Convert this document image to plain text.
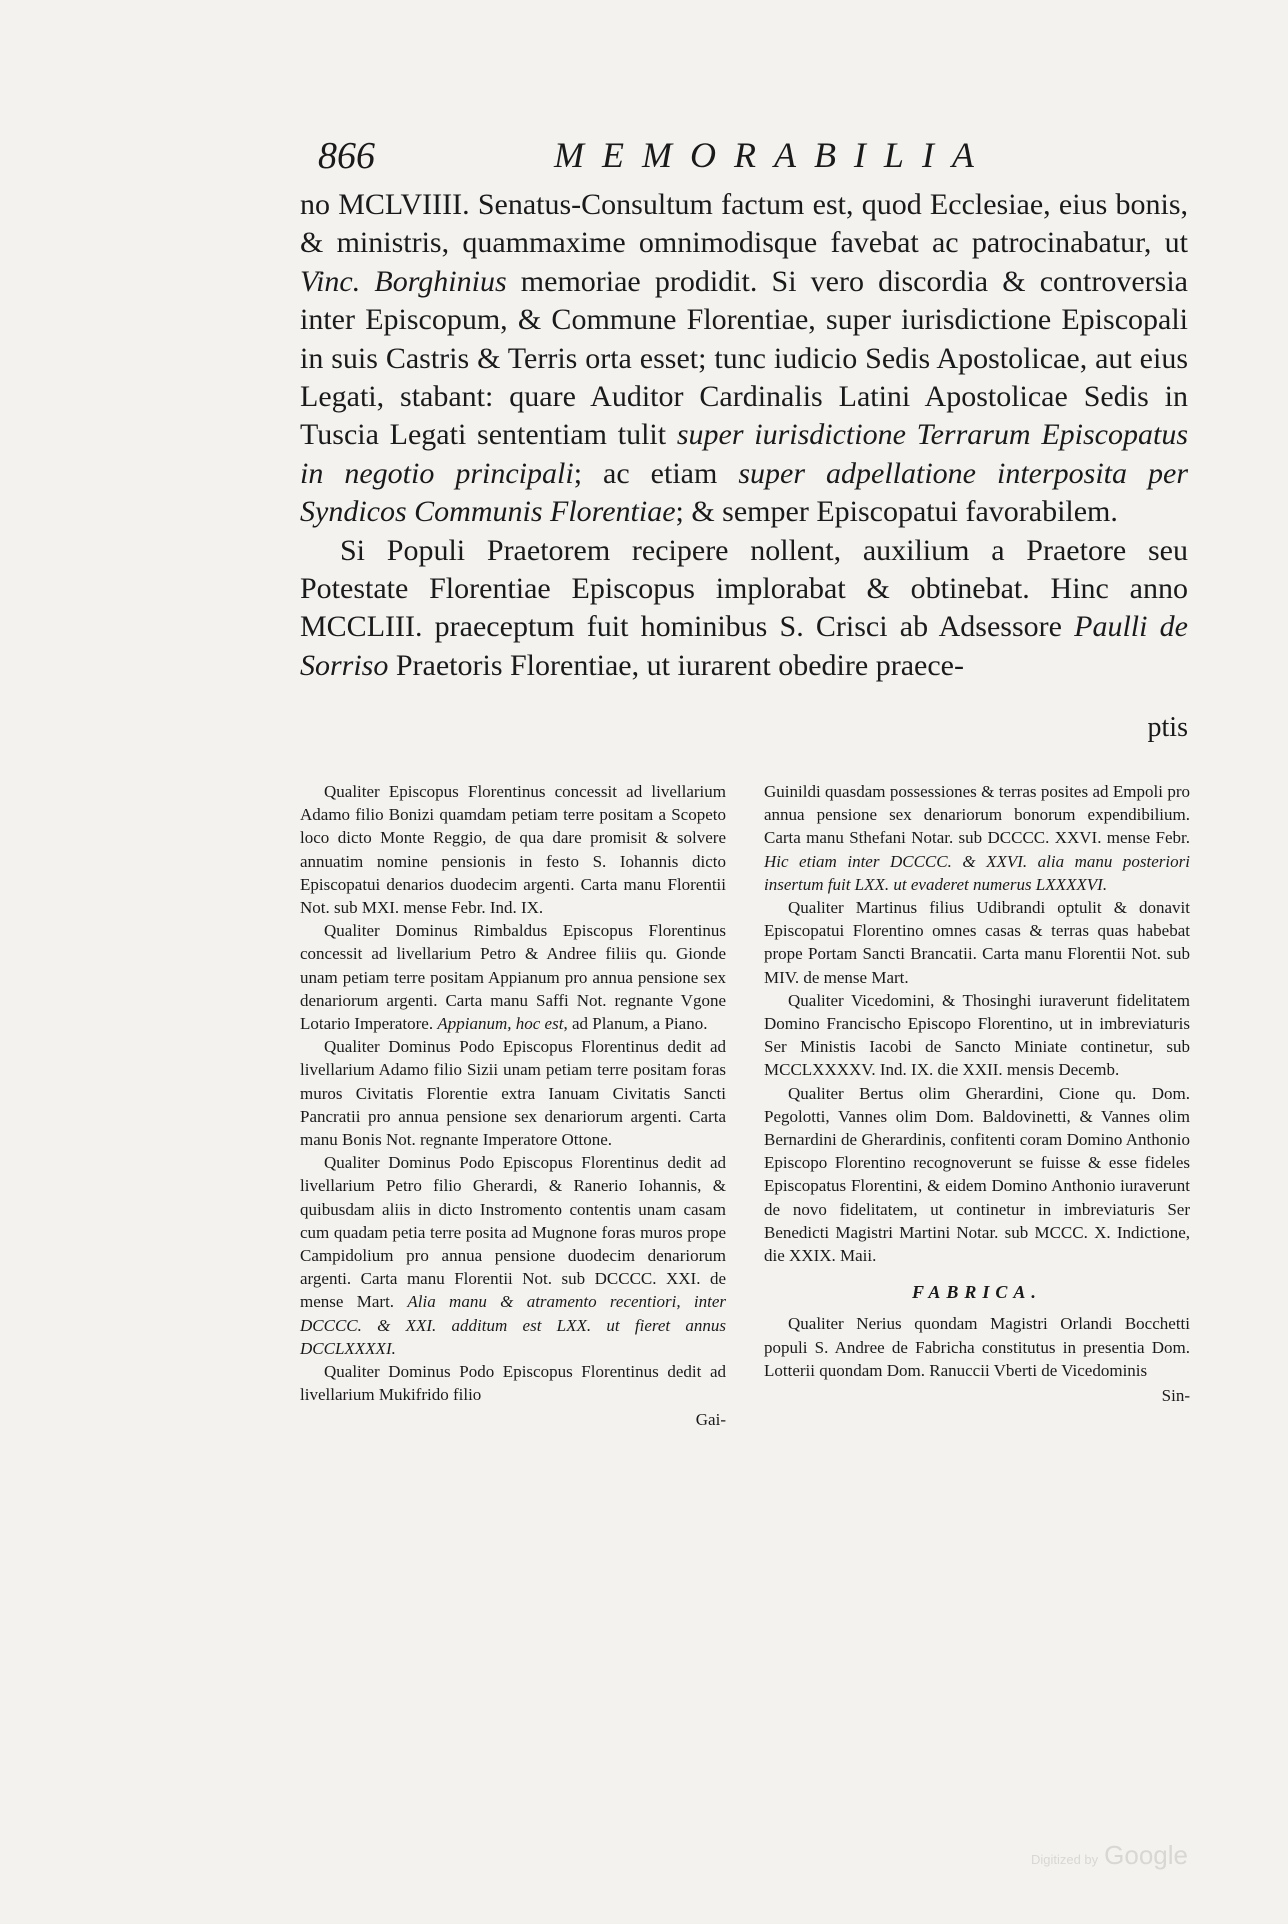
866	MEMORABILIA

no MCLVIIII. Senatus-Consultum factum est, quod Ecclesiae, eius bonis, & ministris, quammaxime omnimodisque favebat ac patrocinabatur, ut Vinc. Borghinius memoriae prodidit. Si vero discordia & controversia inter Episcopum, & Commune Florentiae, super iurisdictione Episcopali in suis Castris & Terris orta esset; tunc iudicio Sedis Apostolicae, aut eius Legati, stabant: quare Auditor Cardinalis Latini Apostolicae Sedis in Tuscia Legati sententiam tulit super iurisdictione Terrarum Episcopatus in negotio principali; ac etiam super adpellatione interposita per Syndicos Communis Florentiae; & semper Episcopatui favorabilem.

Si Populi Praetorem recipere nollent, auxilium a Praetore seu Potestate Florentiae Episcopus implorabat & obtinebat. Hinc anno MCCLIII. praeceptum fuit hominibus S. Crisci ab Adsessore Paulli de Sorriso Praetoris Florentiae, ut iurarent obedire praece-

ptis

Qualiter Episcopus Florentinus concessit ad livellarium Adamo filio Bonizi quamdam petiam terre positam a Scopeto loco dicto Monte Reggio, de qua dare promisit & solvere annuatim nomine pensionis in festo S. Iohannis dicto Episcopatui denarios duodecim argenti. Carta manu Florentii Not. sub MXI. mense Febr. Ind. IX.

Qualiter Dominus Rimbaldus Episcopus Florentinus concessit ad livellarium Petro & Andree filiis qu. Gionde unam petiam terre positam Appianum pro annua pensione sex denariorum argenti. Carta manu Saffi Not. regnante Vgone Lotario Imperatore. Appianum, hoc est, ad Planum, a Piano.

Qualiter Dominus Podo Episcopus Florentinus dedit ad livellarium Adamo filio Sizii unam petiam terre positam foras muros Civitatis Florentie extra Ianuam Civitatis Sancti Pancratii pro annua pensione sex denariorum argenti. Carta manu Bonis Not. regnante Imperatore Ottone.

Qualiter Dominus Podo Episcopus Florentinus dedit ad livellarium Petro filio Gherardi, & Ranerio Iohannis, & quibusdam aliis in dicto Instromento contentis unam casam cum quadam petia terre posita ad Mugnone foras muros prope Campidolium pro annua pensione duodecim denariorum argenti. Carta manu Florentii Not. sub DCCCC. XXI. de mense Mart. Alia manu & atramento recentiori, inter DCCCC. & XXI. additum est LXX. ut fieret annus DCCLXXXXI.

Qualiter Dominus Podo Episcopus Florentinus dedit ad livellarium Mukifrido filio

Gai-

Guinildi quasdam possessiones & terras posites ad Empoli pro annua pensione sex denariorum bonorum expendibilium. Carta manu Sthefani Notar. sub DCCCC. XXVI. mense Febr. Hic etiam inter DCCCC. & XXVI. alia manu posteriori insertum fuit LXX. ut evaderet numerus LXXXXVI.

Qualiter Martinus filius Udibrandi optulit & donavit Episcopatui Florentino omnes casas & terras quas habebat prope Portam Sancti Brancatii. Carta manu Florentii Not. sub MIV. de mense Mart.

Qualiter Vicedomini, & Thosinghi iuraverunt fidelitatem Domino Francischo Episcopo Florentino, ut in imbreviaturis Ser Ministis Iacobi de Sancto Miniate continetur, sub MCCLXXXXV. Ind. IX. die XXII. mensis Decemb.

Qualiter Bertus olim Gherardini, Cione qu. Dom. Pegolotti, Vannes olim Dom. Baldovinetti, & Vannes olim Bernardini de Gherardinis, confitenti coram Domino Anthonio Episcopo Florentino recognoverunt se fuisse & esse fideles Episcopatus Florentini, & eidem Domino Anthonio iuraverunt de novo fidelitatem, ut continetur in imbreviaturis Ser Benedicti Magistri Martini Notar. sub MCCC. X. Indictione, die XXIX. Maii.

FABRICA.

Qualiter Nerius quondam Magistri Orlandi Bocchetti populi S. Andree de Fabricha constitutus in presentia Dom. Lotterii quondam Dom. Ranuccii Vberti de Vicedominis

Sin-
Digitized by Google
